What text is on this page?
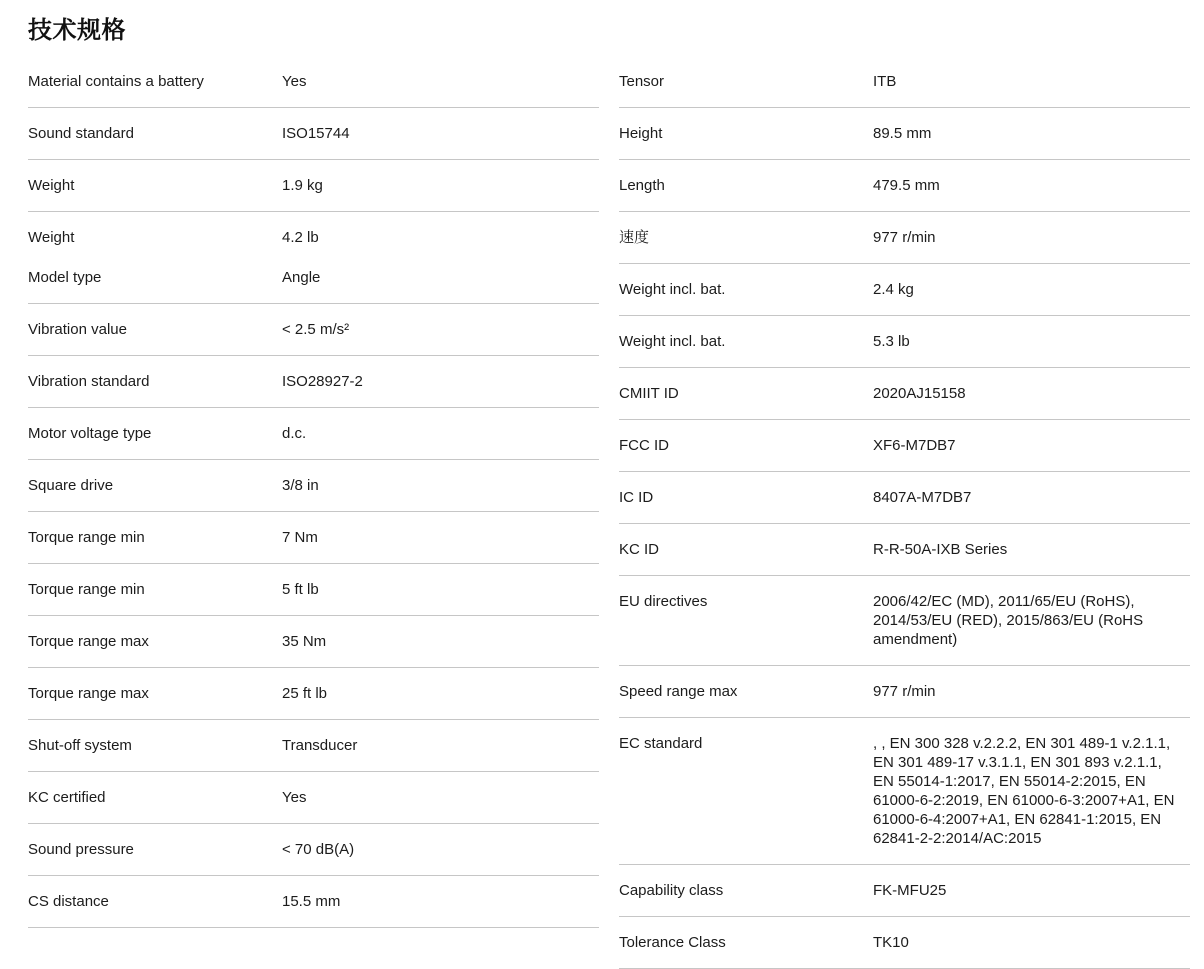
技术规格
Material contains a battery	Yes
Sound standard	ISO15744
Weight	1.9 kg
Weight	4.2 lb
Model type	Angle
Vibration value	< 2.5 m/s²
Vibration standard	ISO28927-2
Motor voltage type	d.c.
Square drive	3/8 in
Torque range min	7 Nm
Torque range min	5 ft lb
Torque range max	35 Nm
Torque range max	25 ft lb
Shut-off system	Transducer
KC certified	Yes
Sound pressure	< 70 dB(A)
CS distance	15.5 mm
Tensor	ITB
Height	89.5 mm
Length	479.5 mm
速度	977 r/min
Weight incl. bat.	2.4 kg
Weight incl. bat.	5.3 lb
CMIIT ID	2020AJ15158
FCC ID	XF6-M7DB7
IC ID	8407A-M7DB7
KC ID	R-R-50A-IXB Series
EU directives	2006/42/EC (MD), 2011/65/EU (RoHS), 2014/53/EU (RED), 2015/863/EU (RoHS amendment)
Speed range max	977 r/min
EC standard	, , EN 300 328 v.2.2.2, EN 301 489-1 v.2.1.1, EN 301 489-17 v.3.1.1, EN 301 893 v.2.1.1, EN 55014-1:2017, EN 55014-2:2015, EN 61000-6-2:2019, EN 61000-6-3:2007+A1, EN 61000-6-4:2007+A1, EN 62841-1:2015, EN 62841-2-2:2014/AC:2015
Capability class	FK-MFU25
Tolerance Class	TK10
